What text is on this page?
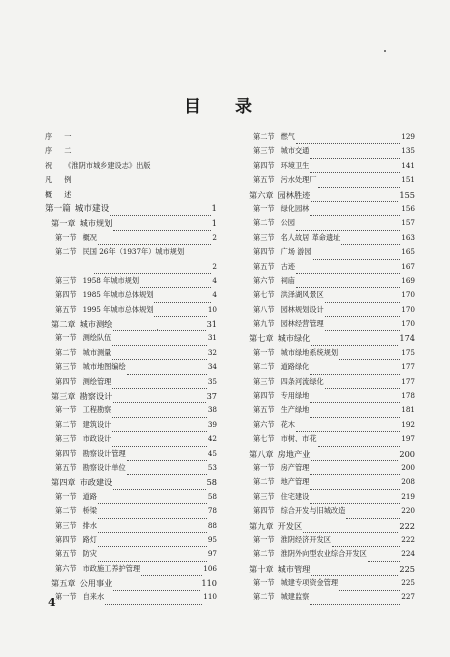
目 录
序 一
序 二
祝 《淮阴市城乡建设志》出版
凡 例
概 述
第一篇 城市建设	1
第一章 城市规划	1
第一节 概况	2
第二节 民国 26年（1937年）城市规划
2
第三节 1958 年城市规划	4
第四节 1985 年城市总体规划	4
第五节 1995 年城市总体规划	10
第二章 城市测绘	31
第一节 测绘队伍	31
第二节 城市测量	32
第三节 城市地图编绘	34
第四节 测绘管理	35
第三章 勘察设计	37
第一节 工程勘察	38
第二节 建筑设计	39
第三节 市政设计	42
第四节 勘察设计管理	45
第五节 勘察设计单位	53
第四章 市政建设	58
第一节 道路	58
第二节 桥梁	78
第三节 排水	88
第四节 路灯	95
第五节 防灾	97
第六节 市政施工养护管理	106
第五章 公用事业	110
第一节 自来水	110
第二节 燃气	129
第三节 城市交通	135
第四节 环境卫生	141
第五节 污水处理厂	151
第六章 园林胜迹	155
第一节 绿化园林	156
第二节 公园	157
第三节 名人故居 革命遗址	163
第四节 广场 游园	165
第五节 古迹	167
第六节 祠庙	169
第七节 洪泽湖风景区	170
第八节 园林规划设计	170
第九节 园林经营管理	170
第七章 城市绿化	174
第一节 城市绿地系统规划	175
第二节 道路绿化	177
第三节 四条河流绿化	177
第四节 专用绿地	178
第五节 生产绿地	181
第六节 花木	192
第七节 市树、市花	197
第八章 房地产业	200
第一节 房产管理	200
第二节 地产管理	208
第三节 住宅建设	219
第四节 综合开发与旧城改造	220
第九章 开发区	222
第一节 淮阴经济开发区	222
第二节 淮阴外向型农业综合开发区	224
第十章 城市管理	225
第一节 城建专项资金管理	225
第二节 城建监察	227
4
